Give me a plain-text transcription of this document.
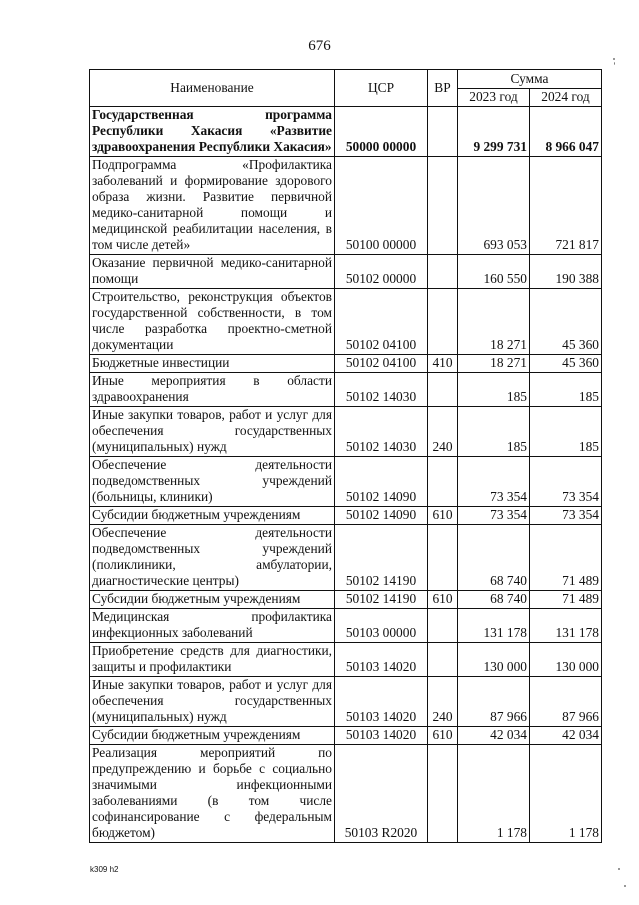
676
Наименование	ЦСР	ВР	Сумма	
			2023 год	2024 год
Государственная программа Республики Хакасия «Развитие здравоохранения Республики Хакасия»	50000 00000		9 299 731	8 966 047
Подпрограмма «Профилактика заболеваний и формирование здорового образа жизни. Развитие первичной медико-санитарной помощи и медицинской реабилитации населения, в том числе детей»	50100 00000		693 053	721 817
Оказание первичной медико-санитарной помощи	50102 00000		160 550	190 388
Строительство, реконструкция объектов государственной собственности, в том числе разработка проектно-сметной документации	50102 04100		18 271	45 360
Бюджетные инвестиции	50102 04100	410	18 271	45 360
Иные мероприятия в области здравоохранения	50102 14030		185	185
Иные закупки товаров, работ и услуг для обеспечения государственных (муниципальных) нужд	50102 14030	240	185	185
Обеспечение деятельности подведомственных учреждений (больницы, клиники)	50102 14090		73 354	73 354
Субсидии бюджетным учреждениям	50102 14090	610	73 354	73 354
Обеспечение деятельности подведомственных учреждений (поликлиники, амбулатории, диагностические центры)	50102 14190		68 740	71 489
Субсидии бюджетным учреждениям	50102 14190	610	68 740	71 489
Медицинская профилактика инфекционных заболеваний	50103 00000		131 178	131 178
Приобретение средств для диагностики, защиты и профилактики	50103 14020		130 000	130 000
Иные закупки товаров, работ и услуг для обеспечения государственных (муниципальных) нужд	50103 14020	240	87 966	87 966
Субсидии бюджетным учреждениям	50103 14020	610	42 034	42 034
Реализация мероприятий по предупреждению и борьбе с социально значимыми инфекционными заболеваниями (в том числе софинансирование с федеральным бюджетом)	50103 R2020		1 178	1 178
k309 h2
